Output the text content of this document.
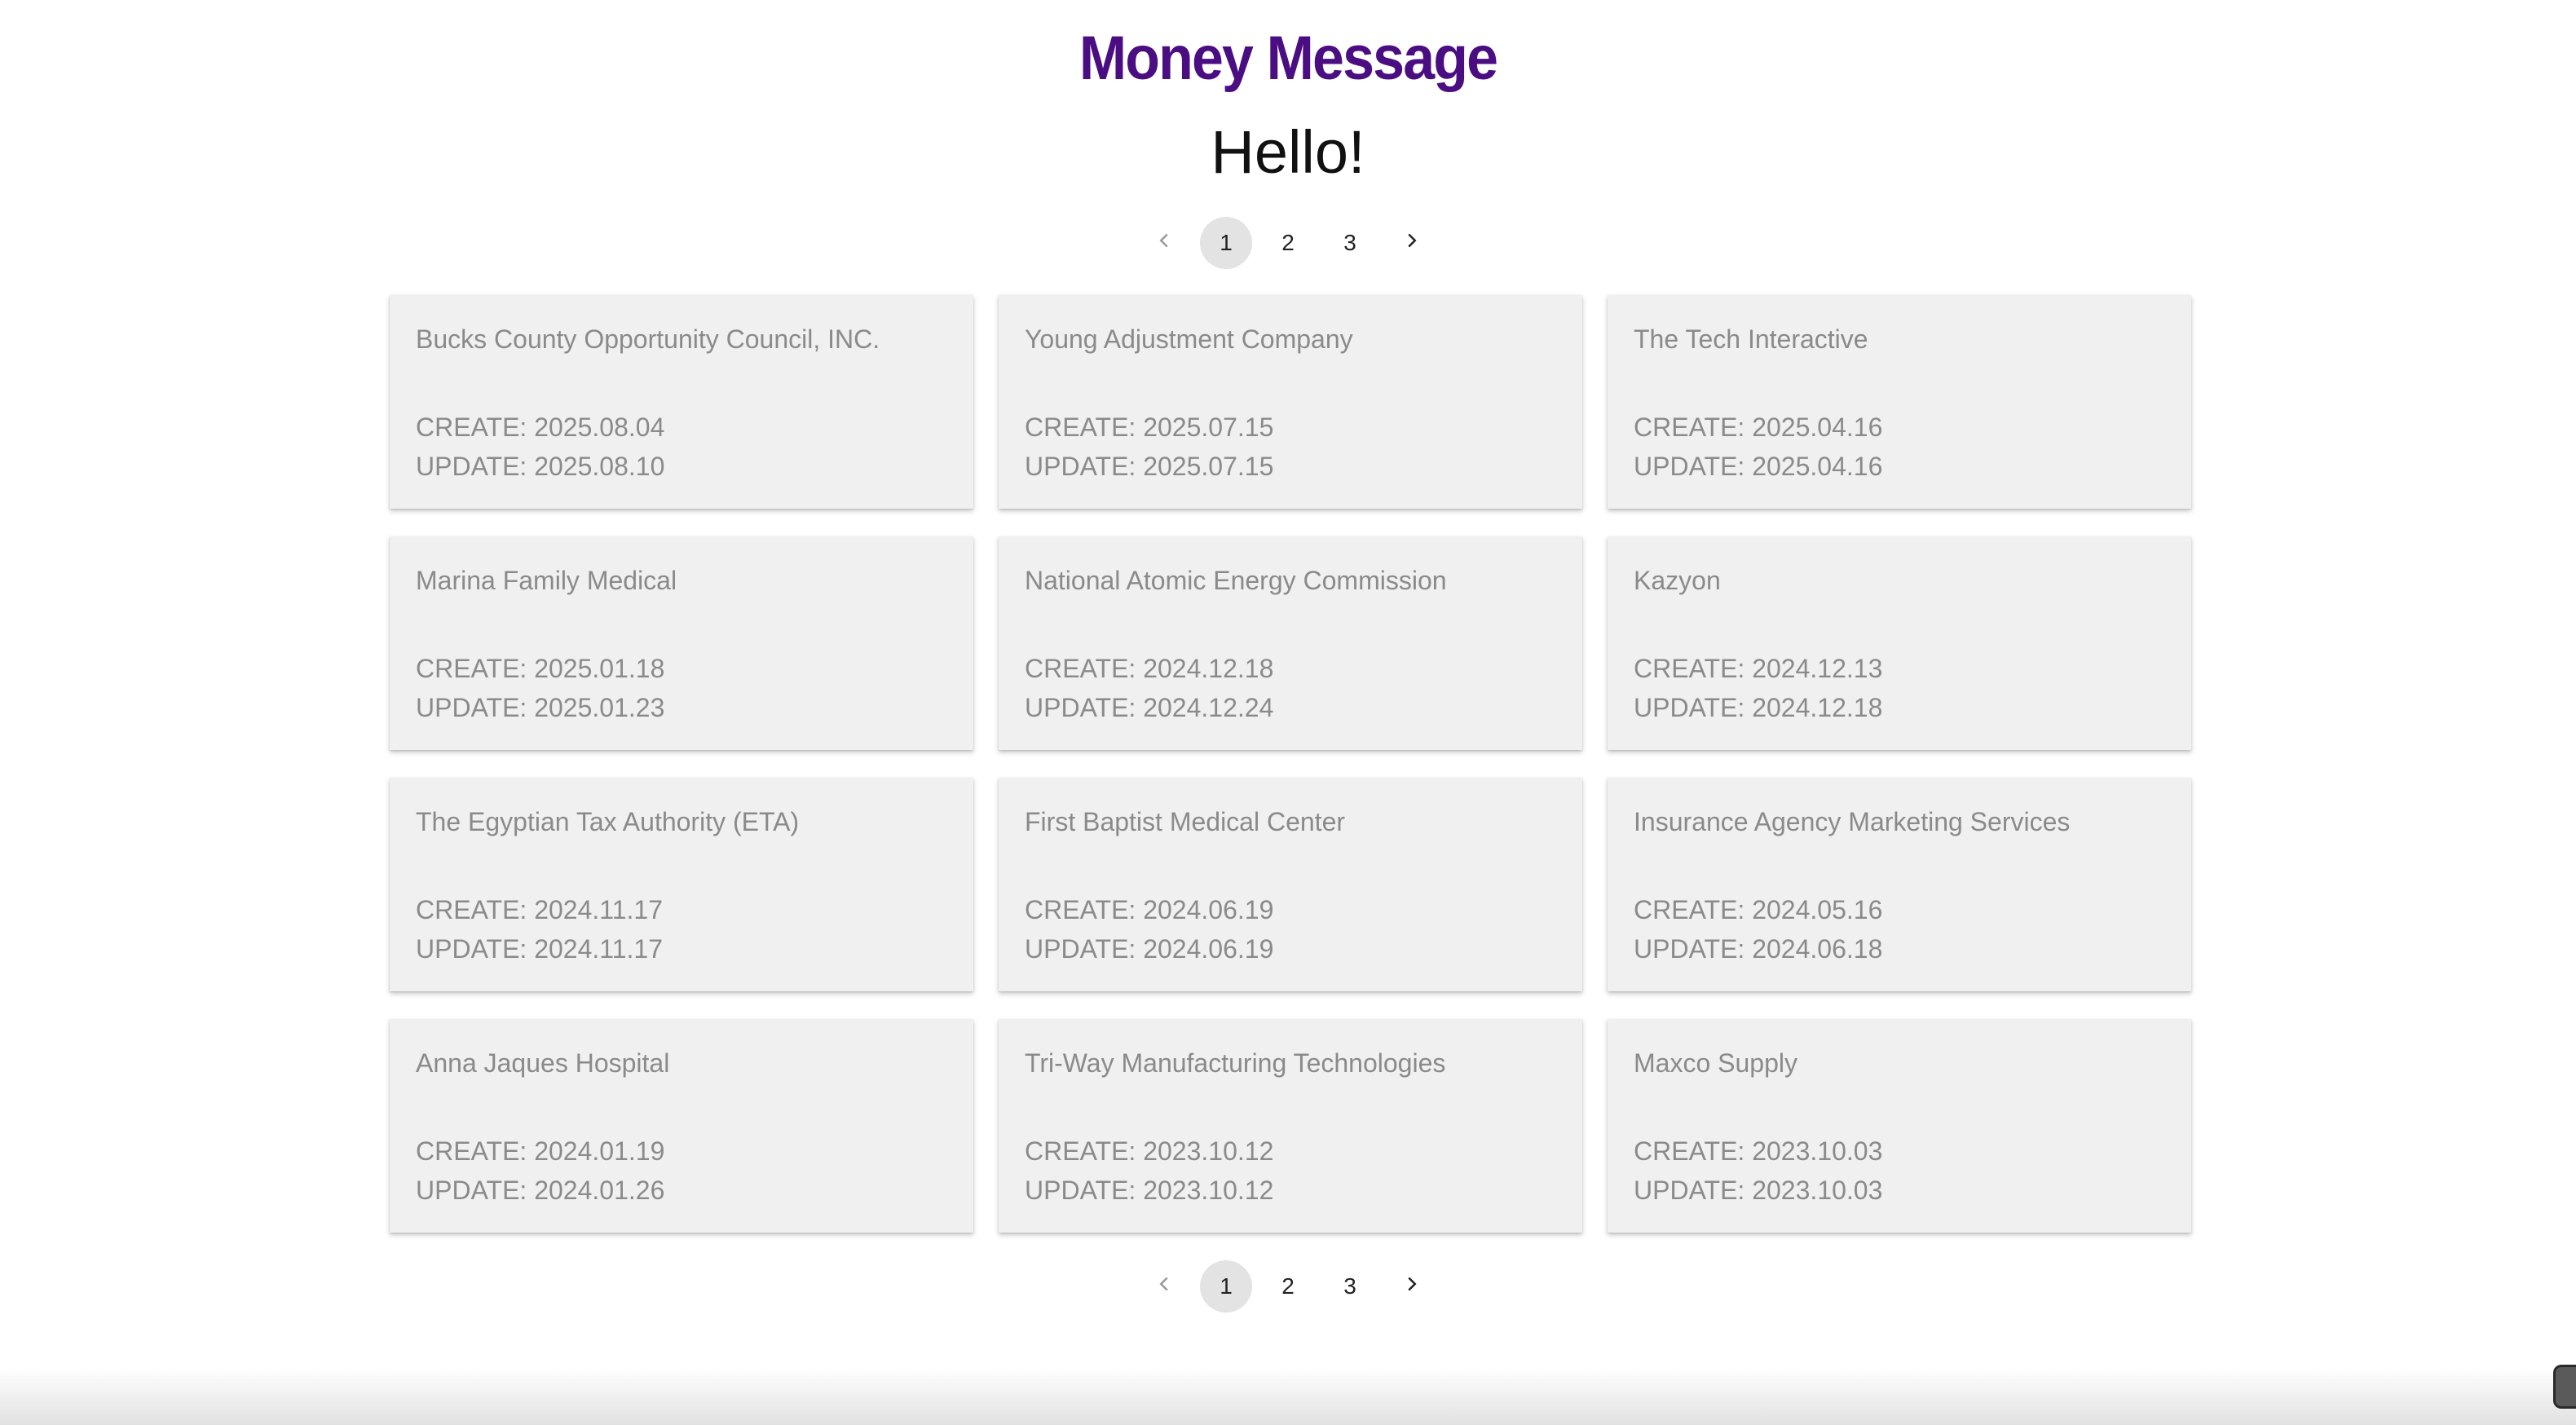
Money Message
Hello!
1	2	3
Bucks County Opportunity Council, INC.
CREATE: 2025.08.04
UPDATE: 2025.08.10
Young Adjustment Company
CREATE: 2025.07.15
UPDATE: 2025.07.15
The Tech Interactive
CREATE: 2025.04.16
UPDATE: 2025.04.16
Marina Family Medical
CREATE: 2025.01.18
UPDATE: 2025.01.23
National Atomic Energy Commission
CREATE: 2024.12.18
UPDATE: 2024.12.24
Kazyon
CREATE: 2024.12.13
UPDATE: 2024.12.18
The Egyptian Tax Authority (ETA)
CREATE: 2024.11.17
UPDATE: 2024.11.17
First Baptist Medical Center
CREATE: 2024.06.19
UPDATE: 2024.06.19
Insurance Agency Marketing Services
CREATE: 2024.05.16
UPDATE: 2024.06.18
Anna Jaques Hospital
CREATE: 2024.01.19
UPDATE: 2024.01.26
Tri-Way Manufacturing Technologies
CREATE: 2023.10.12
UPDATE: 2023.10.12
Maxco Supply
CREATE: 2023.10.03
UPDATE: 2023.10.03
1	2	3
